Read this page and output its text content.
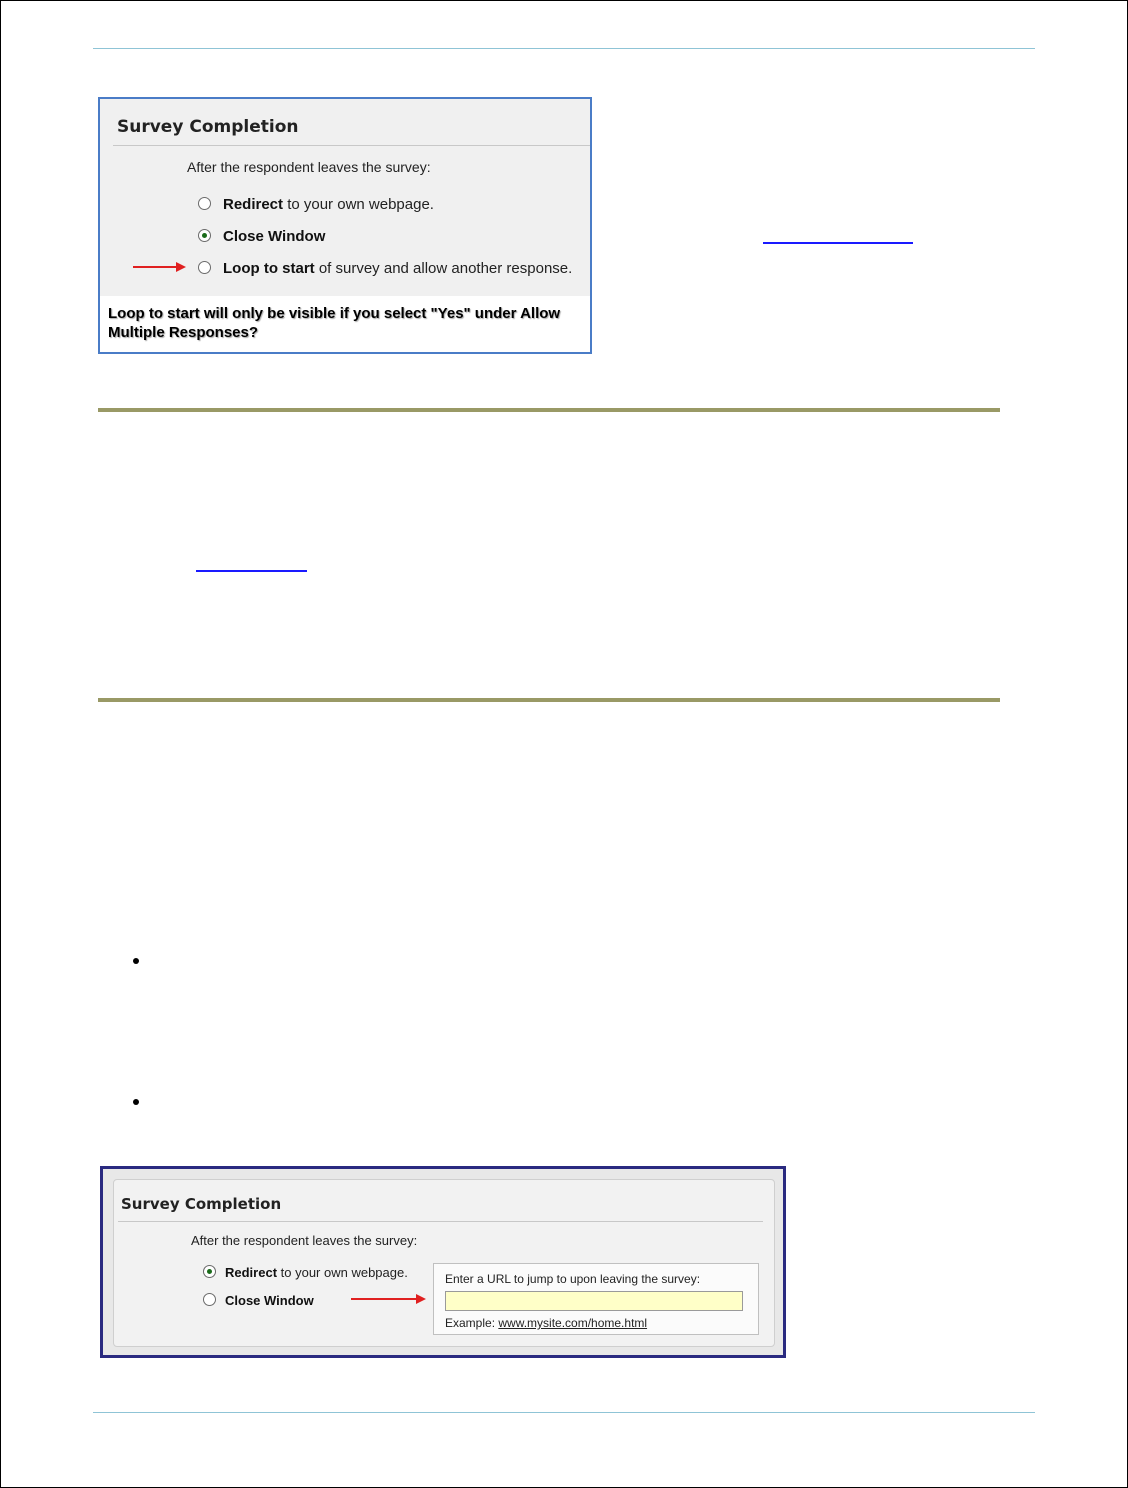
Survey Completion
After the respondent leaves the survey:
Redirect to your own webpage.
Close Window
Loop to start of survey and allow another response.
Loop to start will only be visible if you select "Yes" under Allow Multiple Responses?
Survey Completion
After the respondent leaves the survey:
Redirect to your own webpage.
Close Window
Enter a URL to jump to upon leaving the survey:
Example: www.mysite.com/home.html
